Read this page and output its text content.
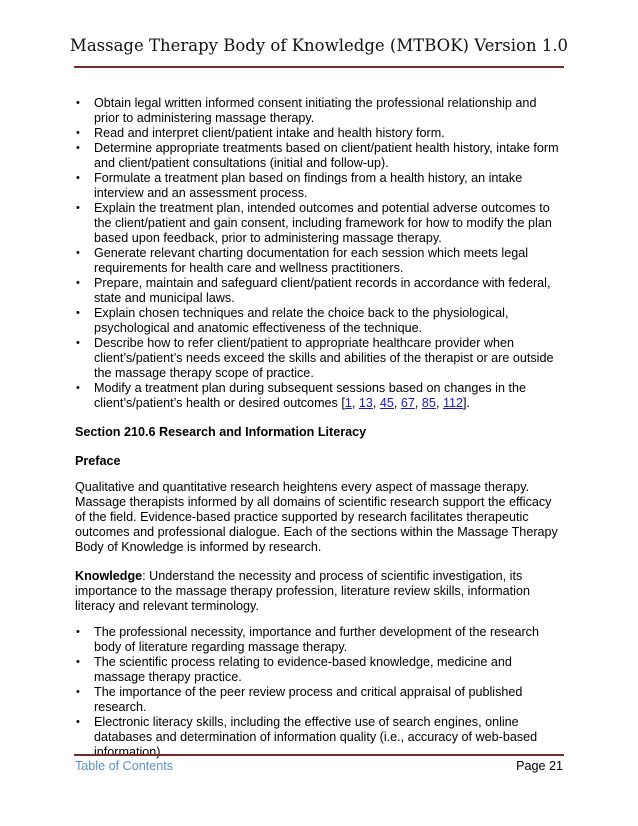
Massage Therapy Body of Knowledge (MTBOK) Version 1.0
• Obtain legal written informed consent initiating the professional relationship and prior to administering massage therapy.
• Read and interpret client/patient intake and health history form.
• Determine appropriate treatments based on client/patient health history, intake form and client/patient consultations (initial and follow-up).
• Formulate a treatment plan based on findings from a health history, an intake interview and an assessment process.
• Explain the treatment plan, intended outcomes and potential adverse outcomes to the client/patient and gain consent, including framework for how to modify the plan based upon feedback, prior to administering massage therapy.
• Generate relevant charting documentation for each session which meets legal requirements for health care and wellness practitioners.
• Prepare, maintain and safeguard client/patient records in accordance with federal, state and municipal laws.
• Explain chosen techniques and relate the choice back to the physiological, psychological and anatomic effectiveness of the technique.
• Describe how to refer client/patient to appropriate healthcare provider when client’s/patient’s needs exceed the skills and abilities of the therapist or are outside the massage therapy scope of practice.
• Modify a treatment plan during subsequent sessions based on changes in the client’s/patient’s health or desired outcomes [1, 13, 45, 67, 85, 112].
Section 210.6 Research and Information Literacy
Preface
Qualitative and quantitative research heightens every aspect of massage therapy. Massage therapists informed by all domains of scientific research support the efficacy of the field. Evidence-based practice supported by research facilitates therapeutic outcomes and professional dialogue. Each of the sections within the Massage Therapy Body of Knowledge is informed by research.
Knowledge: Understand the necessity and process of scientific investigation, its importance to the massage therapy profession, literature review skills, information literacy and relevant terminology.
• The professional necessity, importance and further development of the research body of literature regarding massage therapy.
• The scientific process relating to evidence-based knowledge, medicine and massage therapy practice.
• The importance of the peer review process and critical appraisal of published research.
• Electronic literacy skills, including the effective use of search engines, online databases and determination of information quality (i.e., accuracy of web-based information).
Table of Contents	Page 21
